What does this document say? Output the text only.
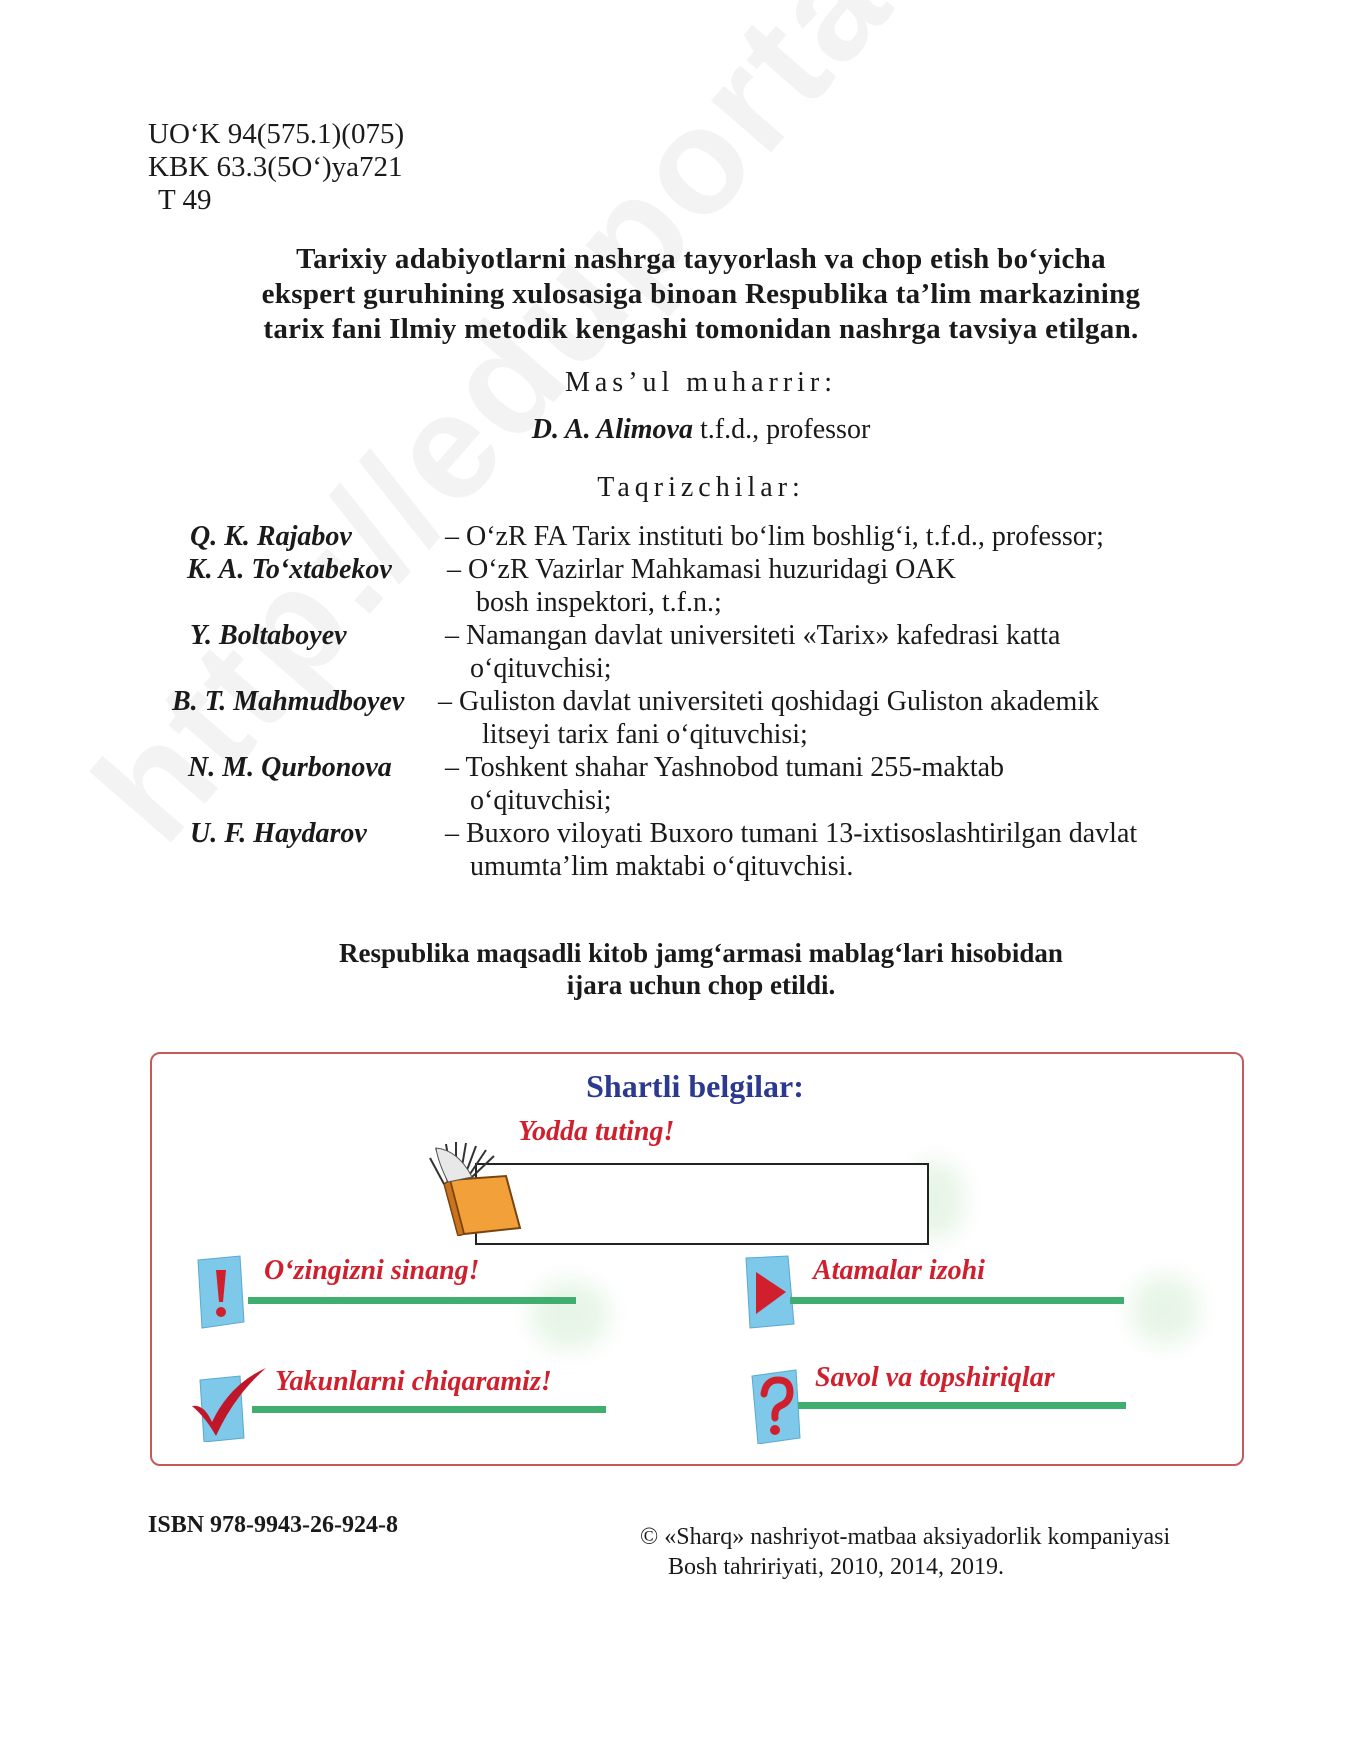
UO‘K 94(575.1)(075)
KBK 63.3(5O‘)ya721
T 49
Tarixiy adabiyotlarni nashrga tayyorlash va chop etish bo‘yicha
ekspert guruhining xulosasiga binoan Respublika ta’lim markazining
tarix fani Ilmiy metodik kengashi tomonidan nashrga tavsiya etilgan.
Mas’ul muharrir:
D. A. Alimova t.f.d., professor
Taqrizchilar:
Q. K. Rajabov	– O‘zR FA Tarix instituti bo‘lim boshlig‘i, t.f.d., professor;
K. A. To‘xtabekov – O‘zR Vazirlar Mahkamasi huzuridagi OAK
bosh inspektori, t.f.n.;
Y. Boltaboyev	– Namangan davlat universiteti «Tarix» kafedrasi katta
o‘qituvchisi;
B. T. Mahmudboyev – Guliston davlat universiteti qoshidagi Guliston akademik
litseyi tarix fani o‘qituvchisi;
N. M. Qurbonova – Toshkent shahar Yashnobod tumani 255-maktab
o‘qituvchisi;
U. F. Haydarov	– Buxoro viloyati Buxoro tumani 13-ixtisoslashtirilgan davlat
umumta’lim maktabi o‘qituvchisi.
Respublika maqsadli kitob jamg‘armasi mablag‘lari hisobidan
ijara uchun chop etildi.
Shartli belgilar:
Yodda tuting!
O‘zingizni sinang!	Atamalar izohi
Yakunlarni chiqaramiz!	Savol va topshiriqlar
ISBN 978-9943-26-924-8	© «Sharq» nashriyot-matbaa aksiyadorlik kompaniyasi
Bosh tahririyati, 2010, 2014, 2019.
